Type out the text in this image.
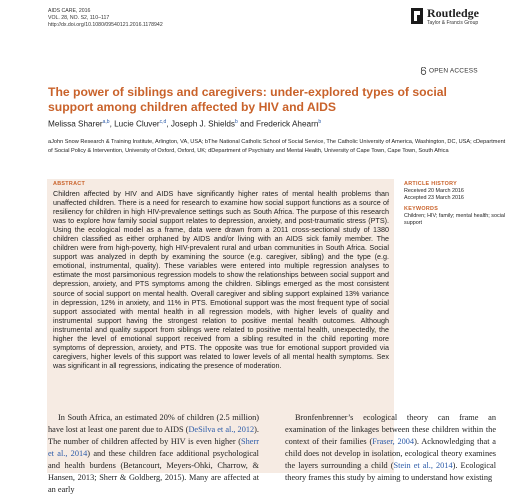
AIDS CARE, 2016
VOL. 28, NO. S2, 110–117
http://dx.doi.org/10.1080/09540121.2016.1178942
Routledge
Taylor & Francis Group
OPEN ACCESS
The power of siblings and caregivers: under-explored types of social support among children affected by HIV and AIDS
Melissa Sharer$^{a,b}$, Lucie Cluver$^{c,d}$, Joseph J. Shields$^b$ and Frederick Ahearn$^b$
aJohn Snow Research & Training Institute, Arlington, VA, USA; bThe National Catholic School of Social Service, The Catholic University of America, Washington, DC, USA; cDepartment of Social Policy & Intervention, University of Oxford, Oxford, UK; dDepartment of Psychiatry and Mental Health, University of Cape Town, Cape Town, South Africa
ABSTRACT
Children affected by HIV and AIDS have significantly higher rates of mental health problems than unaffected children. There is a need for research to examine how social support functions as a source of resiliency for children in high HIV-prevalence settings such as South Africa. The purpose of this research was to explore how family social support relates to depression, anxiety, and post-traumatic stress (PTS). Using the ecological model as a frame, data were drawn from a 2011 cross-sectional study of 1380 children classified as either orphaned by AIDS and/or living with an AIDS sick family member. The children were from high-poverty, high HIV-prevalent rural and urban communities in South Africa. Social support was analyzed in depth by examining the source (e.g. caregiver, sibling) and the type (e.g. emotional, instrumental, quality). These variables were entered into multiple regression analyses to estimate the most parsimonious regression models to show the relationships between social support and depression, anxiety, and PTS symptoms among the children. Siblings emerged as the most consistent source of social support on mental health. Overall caregiver and sibling support explained 13% variance in depression, 12% in anxiety, and 11% in PTS. Emotional support was the most frequent type of social support associated with mental health in all regression models, with higher levels of quality and instrumental support having the strongest relation to positive mental health outcomes. Although instrumental and quality support from siblings were related to positive mental health, unexpectedly, the higher the level of emotional support received from a sibling resulted in the child reporting more symptoms of depression, anxiety, and PTS. The opposite was true for emotional support provided via caregivers, higher levels of this support was related to lower levels of all mental health symptoms. Sex was significant in all regressions, indicating the presence of moderation.
ARTICLE HISTORY
Received 20 March 2016
Accepted 23 March 2016
KEYWORDS
Children; HIV; family; mental health; social support
In South Africa, an estimated 20% of children (2.5 million) have lost at least one parent due to AIDS (DeSilva et al., 2012). The number of children affected by HIV is even higher (Sherr et al., 2014) and these children face additional psychological and health burdens (Betancourt, Meyers-Ohki, Charrow, & Hansen, 2013; Sherr & Goldberg, 2015). Many are affected at an early
Bronfenbrenner’s ecological theory can frame an examination of the linkages between these children within the context of their families (Fraser, 2004). Acknowledging that a child does not develop in isolation, ecological theory examines the layers surrounding a child (Stein et al., 2014). Ecological theory frames this study by aiming to understand how existing
